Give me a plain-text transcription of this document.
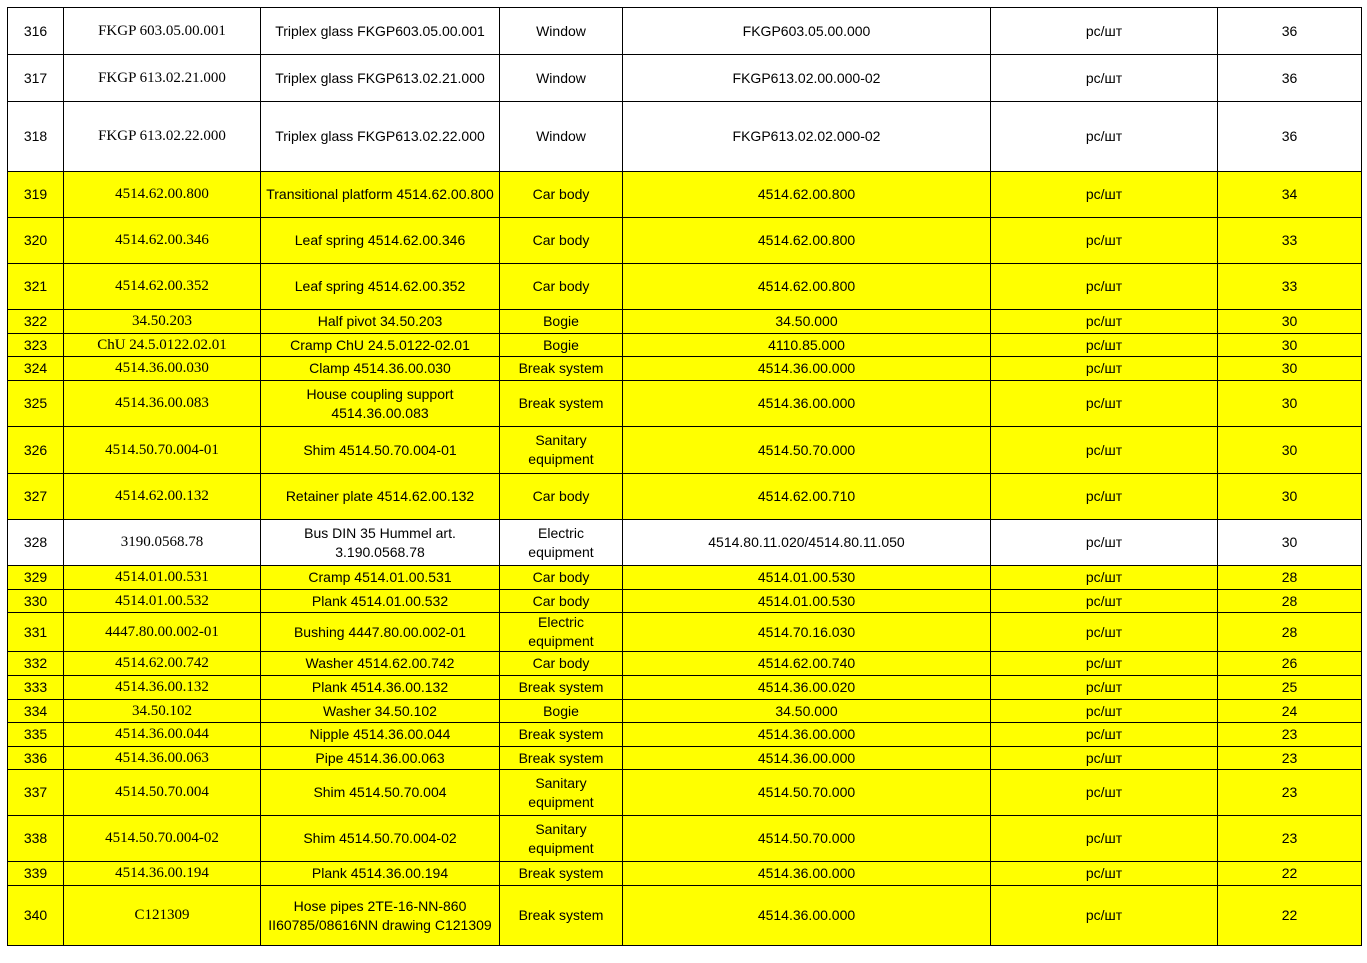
316	FKGP 603.05.00.001	Triplex glass FKGP603.05.00.001	Window	FKGP603.05.00.000	pc/шт	36
317	FKGP 613.02.21.000	Triplex glass FKGP613.02.21.000	Window	FKGP613.02.00.000-02	pc/шт	36
318	FKGP 613.02.22.000	Triplex glass FKGP613.02.22.000	Window	FKGP613.02.02.000-02	pc/шт	36
319	4514.62.00.800	Transitional platform 4514.62.00.800	Car body	4514.62.00.800	pc/шт	34
320	4514.62.00.346	Leaf spring 4514.62.00.346	Car body	4514.62.00.800	pc/шт	33
321	4514.62.00.352	Leaf spring 4514.62.00.352	Car body	4514.62.00.800	pc/шт	33
322	34.50.203	Half pivot 34.50.203	Bogie	34.50.000	pc/шт	30
323	ChU 24.5.0122.02.01	Cramp ChU 24.5.0122-02.01	Bogie	4110.85.000	pc/шт	30
324	4514.36.00.030	Clamp 4514.36.00.030	Break system	4514.36.00.000	pc/шт	30
325	4514.36.00.083	House coupling support 4514.36.00.083	Break system	4514.36.00.000	pc/шт	30
326	4514.50.70.004-01	Shim 4514.50.70.004-01	Sanitary equipment	4514.50.70.000	pc/шт	30
327	4514.62.00.132	Retainer plate 4514.62.00.132	Car body	4514.62.00.710	pc/шт	30
328	3190.0568.78	Bus DIN 35 Hummel art. 3.190.0568.78	Electric equipment	4514.80.11.020/4514.80.11.050	pc/шт	30
329	4514.01.00.531	Cramp 4514.01.00.531	Car body	4514.01.00.530	pc/шт	28
330	4514.01.00.532	Plank 4514.01.00.532	Car body	4514.01.00.530	pc/шт	28
331	4447.80.00.002-01	Bushing 4447.80.00.002-01	Electric equipment	4514.70.16.030	pc/шт	28
332	4514.62.00.742	Washer 4514.62.00.742	Car body	4514.62.00.740	pc/шт	26
333	4514.36.00.132	Plank 4514.36.00.132	Break system	4514.36.00.020	pc/шт	25
334	34.50.102	Washer 34.50.102	Bogie	34.50.000	pc/шт	24
335	4514.36.00.044	Nipple 4514.36.00.044	Break system	4514.36.00.000	pc/шт	23
336	4514.36.00.063	Pipe 4514.36.00.063	Break system	4514.36.00.000	pc/шт	23
337	4514.50.70.004	Shim 4514.50.70.004	Sanitary equipment	4514.50.70.000	pc/шт	23
338	4514.50.70.004-02	Shim 4514.50.70.004-02	Sanitary equipment	4514.50.70.000	pc/шт	23
339	4514.36.00.194	Plank 4514.36.00.194	Break system	4514.36.00.000	pc/шт	22
340	C121309	Hose pipes 2TE-16-NN-860 II60785/08616NN drawing C121309	Break system	4514.36.00.000	pc/шт	22
